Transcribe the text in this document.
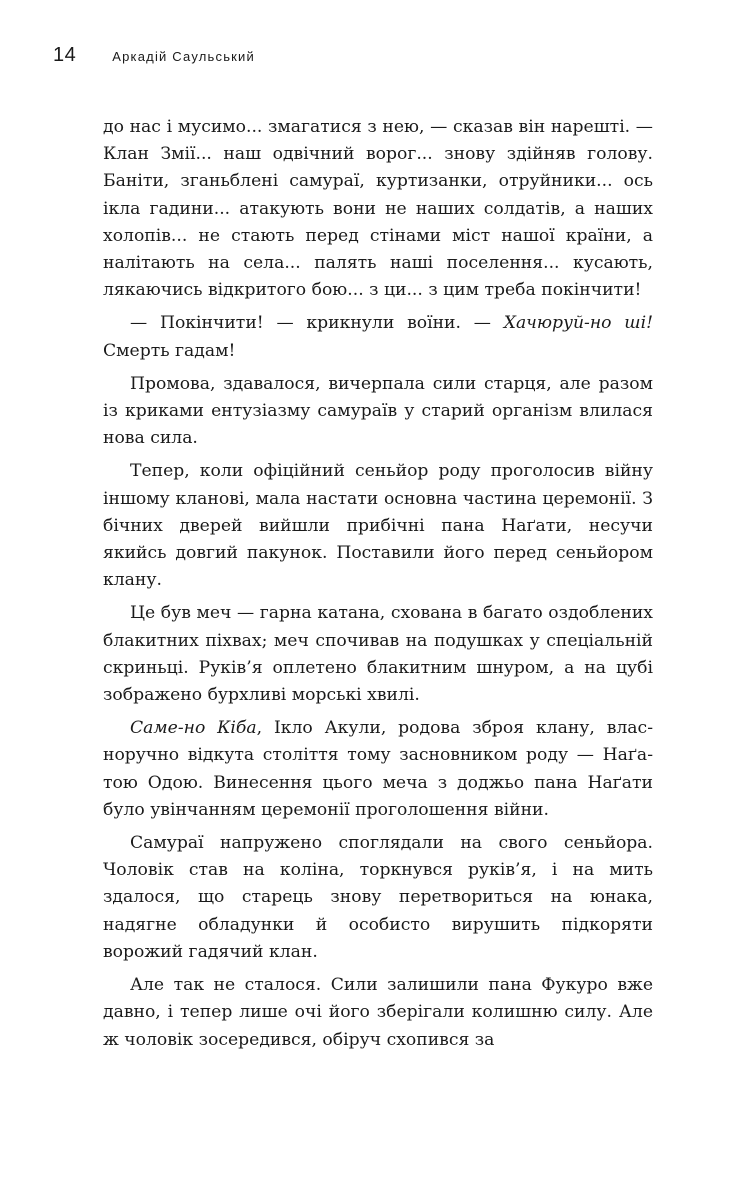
14	Аркадій Саульський

до нас і мусимо... змагатися з нею, — сказав він нарешті. — Клан Змії... наш одвічний ворог... знову здійняв голову. Баніти, зганьблені самураї, куртизанки, отруйники... ось ікла гадини... атакують вони не наших солдатів, а наших холопів... не стають перед стінами міст нашої країни, а налітають на села... палять наші поселення... кусають, лякаючись відкритого бою... з ци... з цим треба покінчити!

— Покінчити! — крикнули воїни. — Хачюруй-но ші! Смерть гадам!

Промова, здавалося, вичерпала сили старця, але разом із криками ентузіазму самураїв у старий організм влилася нова сила.

Тепер, коли офіційний сеньйор роду проголосив війну іншому кланові, мала настати основна частина церемонії. З бічних дверей вийшли прибічні пана Наґати, несучи якийсь довгий пакунок. Поставили його перед сеньйором клану.

Це був меч — гарна катана, схована в багато оздоблених блакитних піхвах; меч спочивав на подушках у спеціальній скриньці. Руків’я оплетено блакитним шнуром, а на цубі зображено бурхливі морські хвилі.

Саме-но Кіба, Ікло Акули, родова зброя клану, власноручно відкута століття тому засновником роду — Наґатою Одою. Винесення цього меча з доджьо пана Наґати було увінчанням церемонії проголошення війни.

Самураї напружено споглядали на свого сеньйора. Чоловік став на коліна, торкнувся руків’я, і на мить здалося, що старець знову перетвориться на юнака, надягне обладунки й особисто вирушить підкоряти ворожий гадячий клан.

Але так не сталося. Сили залишили пана Фукуро вже давно, і тепер лише очі його зберігали колишню силу. Але ж чоловік зосередився, обіруч схопився за
